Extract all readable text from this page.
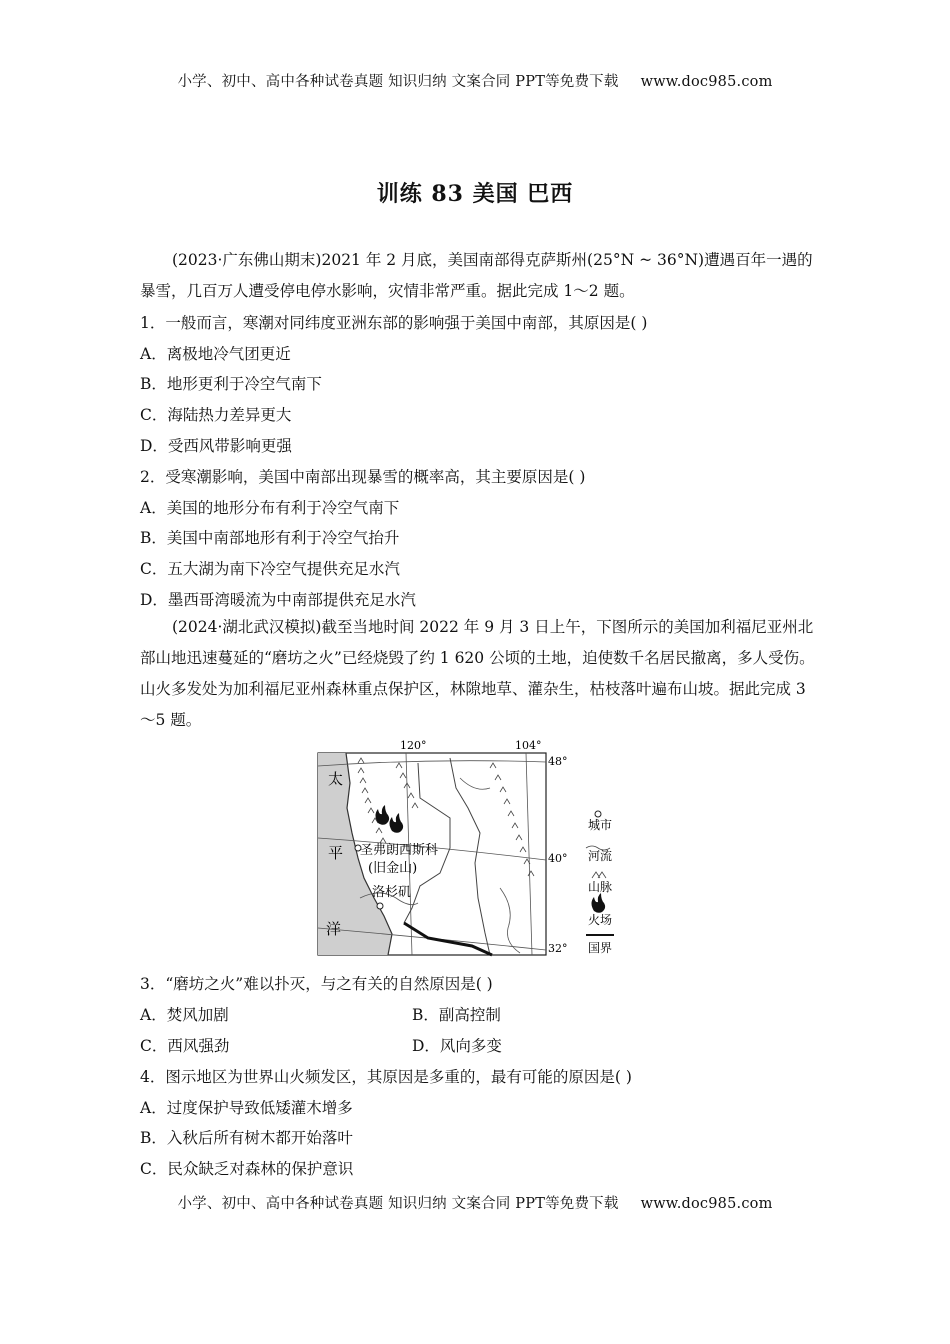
小学、初中、高中各种试卷真题 知识归纳 文案合同 PPT等免费下载 www.doc985.com
训练 83 美国 巴西
(2023·广东佛山期末)2021 年 2 月底，美国南部得克萨斯州(25°N ~ 36°N)遭遇百年一遇的暴雪，几百万人遭受停电停水影响，灾情非常严重。据此完成 1～2 题。
1．一般而言，寒潮对同纬度亚洲东部的影响强于美国中南部，其原因是( )
A．离极地冷气团更近
B．地形更利于冷空气南下
C．海陆热力差异更大
D．受西风带影响更强
2．受寒潮影响，美国中南部出现暴雪的概率高，其主要原因是( )
A．美国的地形分布有利于冷空气南下
B．美国中南部地形有利于冷空气抬升
C．五大湖为南下冷空气提供充足水汽
D．墨西哥湾暖流为中南部提供充足水汽
(2024·湖北武汉模拟)截至当地时间 2022 年 9 月 3 日上午，下图所示的美国加利福尼亚州北部山地迅速蔓延的“磨坊之火”已经烧毁了约 1 620 公顷的土地，迫使数千名居民撤离，多人受伤。山火多发处为加利福尼亚州森林重点保护区，林隙地草、灌杂生，枯枝落叶遍布山坡。据此完成 3～5 题。
120°	104°
48°
40°
32°
太
平
洋
圣弗朗西斯科
(旧金山)
洛杉矶
城市
河流
山脉
火场
国界
3．“磨坊之火”难以扑灭，与之有关的自然原因是( )
A．焚风加剧	B．副高控制
C．西风强劲	D．风向多变
4．图示地区为世界山火频发区，其原因是多重的，最有可能的原因是( )
A．过度保护导致低矮灌木增多
B．入秋后所有树木都开始落叶
C．民众缺乏对森林的保护意识
小学、初中、高中各种试卷真题 知识归纳 文案合同 PPT等免费下载 www.doc985.com
